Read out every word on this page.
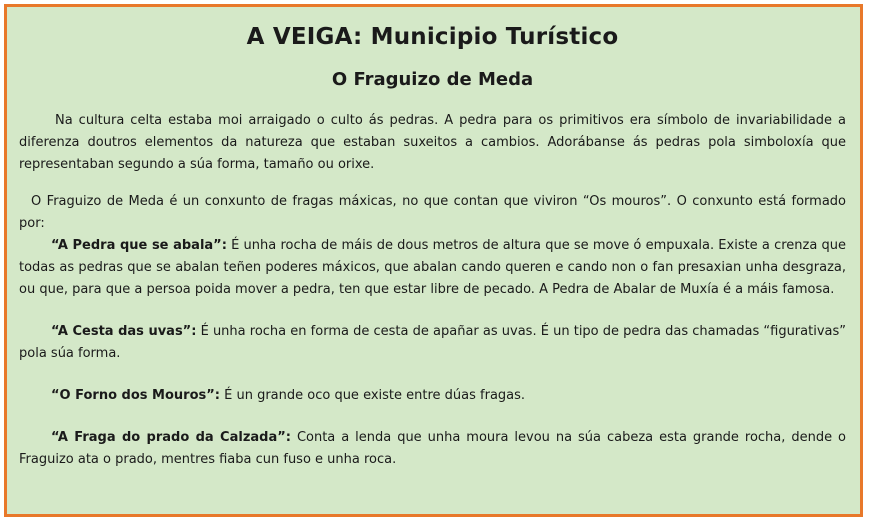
A VEIGA: Municipio Turístico
O Fraguizo de Meda

Na cultura celta estaba moi arraigado o culto ás pedras. A pedra para os primitivos era símbolo de invariabilidade a diferenza doutros elementos da natureza que estaban suxeitos a cambios. Adorábanse ás pedras pola simboloxía que representaban segundo a súa forma, tamaño ou orixe.

O Fraguizo de Meda é un conxunto de fragas máxicas, no que contan que viviron “Os mouros”. O conxunto está formado por:

“A Pedra que se abala”: É unha rocha de máis de dous metros de altura que se move ó empuxala. Existe a crenza que todas as pedras que se abalan teñen poderes máxicos, que abalan cando queren e cando non o fan presaxian unha desgraza, ou que, para que a persoa poida mover a pedra, ten que estar libre de pecado. A Pedra de Abalar de Muxía é a máis famosa.

“A Cesta das uvas”: É unha rocha en forma de cesta de apañar as uvas. É un tipo de pedra das chamadas “figurativas” pola súa forma.

“O Forno dos Mouros”: É un grande oco que existe entre dúas fragas.

“A Fraga do prado da Calzada”: Conta a lenda que unha moura levou na súa cabeza esta grande rocha, dende o Fraguizo ata o prado, mentres fiaba cun fuso e unha roca.
